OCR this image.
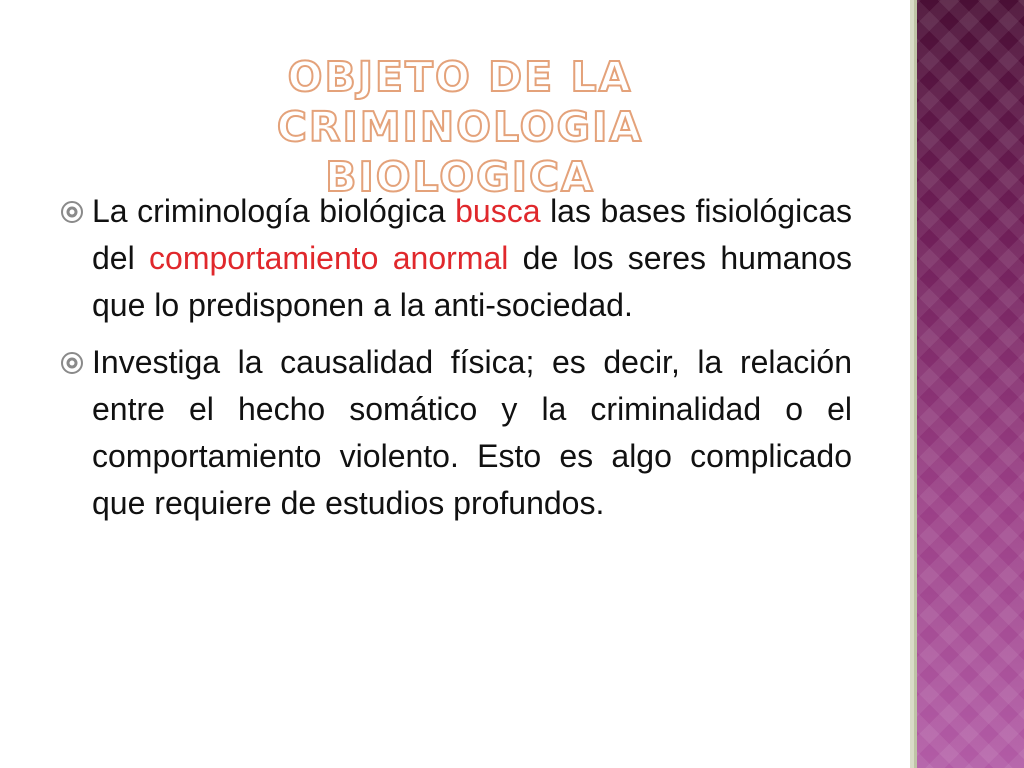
OBJETO DE LA CRIMINOLOGIA
BIOLOGICA
La criminología biológica busca las bases fisiológicas del comportamiento anormal de los seres humanos que lo predisponen a la anti-sociedad.
Investiga la causalidad física; es decir, la relación entre el hecho somático y la criminalidad o el comportamiento violento. Esto es algo complicado que requiere de estudios profundos.
